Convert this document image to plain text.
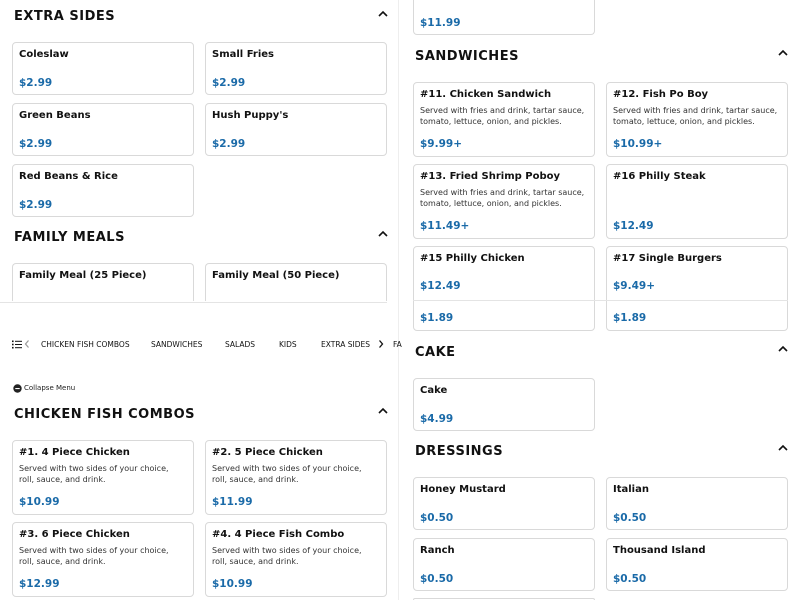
EXTRA SIDES
Coleslaw
$2.99
Small Fries
$2.99
Green Beans
$2.99
Hush Puppy's
$2.99
Red Beans & Rice
$2.99
FAMILY MEALS
Family Meal (25 Piece)	Family Meal (50 Piece)
CHICKEN FISH COMBOS	SANDWICHES	SALADS	KIDS	EXTRA SIDES	FA
Collapse Menu
CHICKEN FISH COMBOS
#1. 4 Piece Chicken
Served with two sides of your choice, roll, sauce, and drink.
$10.99
#2. 5 Piece Chicken
Served with two sides of your choice, roll, sauce, and drink.
$11.99
#3. 6 Piece Chicken
Served with two sides of your choice, roll, sauce, and drink.
$12.99
#4. 4 Piece Fish Combo
Served with two sides of your choice, roll, sauce, and drink.
$10.99
$11.99
SANDWICHES
#11. Chicken Sandwich
Served with fries and drink, tartar sauce, tomato, lettuce, onion, and pickles.
$9.99+
#12. Fish Po Boy
Served with fries and drink, tartar sauce, tomato, lettuce, onion, and pickles.
$10.99+
#13. Fried Shrimp Poboy
Served with fries and drink, tartar sauce, tomato, lettuce, onion, and pickles.
$11.49+
#16 Philly Steak
$12.49
#15 Philly Chicken
$12.49
$1.89
#17 Single Burgers
$9.49+
$1.89
CAKE
Cake
$4.99
DRESSINGS
Honey Mustard
$0.50
Italian
$0.50
Ranch
$0.50
Thousand Island
$0.50
